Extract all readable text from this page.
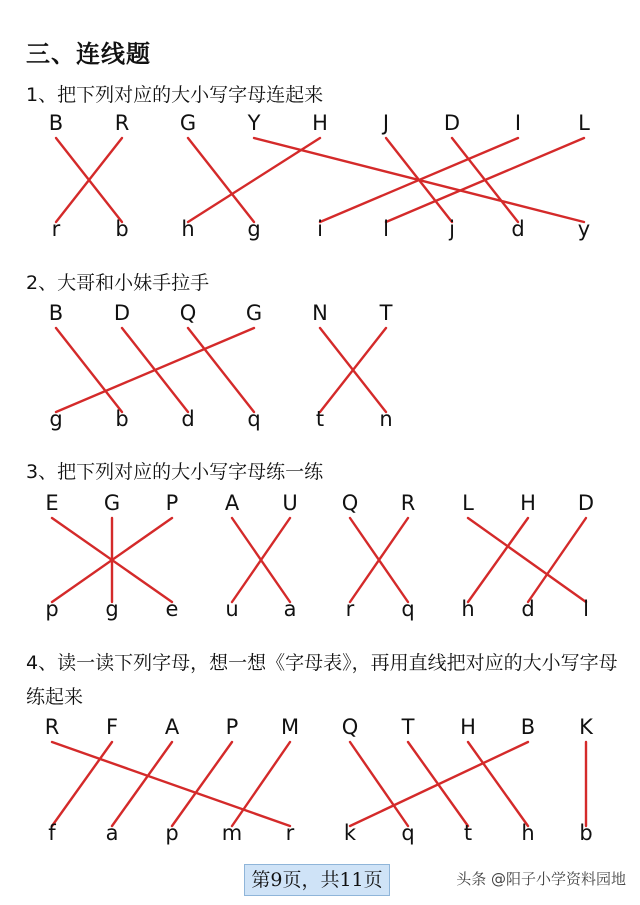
三、连线题
1、把下列对应的大小写字母连起来
B R G Y H	J	D	I	L
r	b	h	g	i	l	j	d	y
2、大哥和小妹手拉手
B D Q G N T
g	b	d	q	t	n
3、把下列对应的大小写字母练一练
E G P A U Q R L H D
p g e u a r q h d l
4、读一读下列字母，想一想《字母表》，再用直线把对应的大小写字母练起来
R F A P M Q T H B K
f a p m r k q t h b
第9页，共11页	头条 @阳子小学资料园地
